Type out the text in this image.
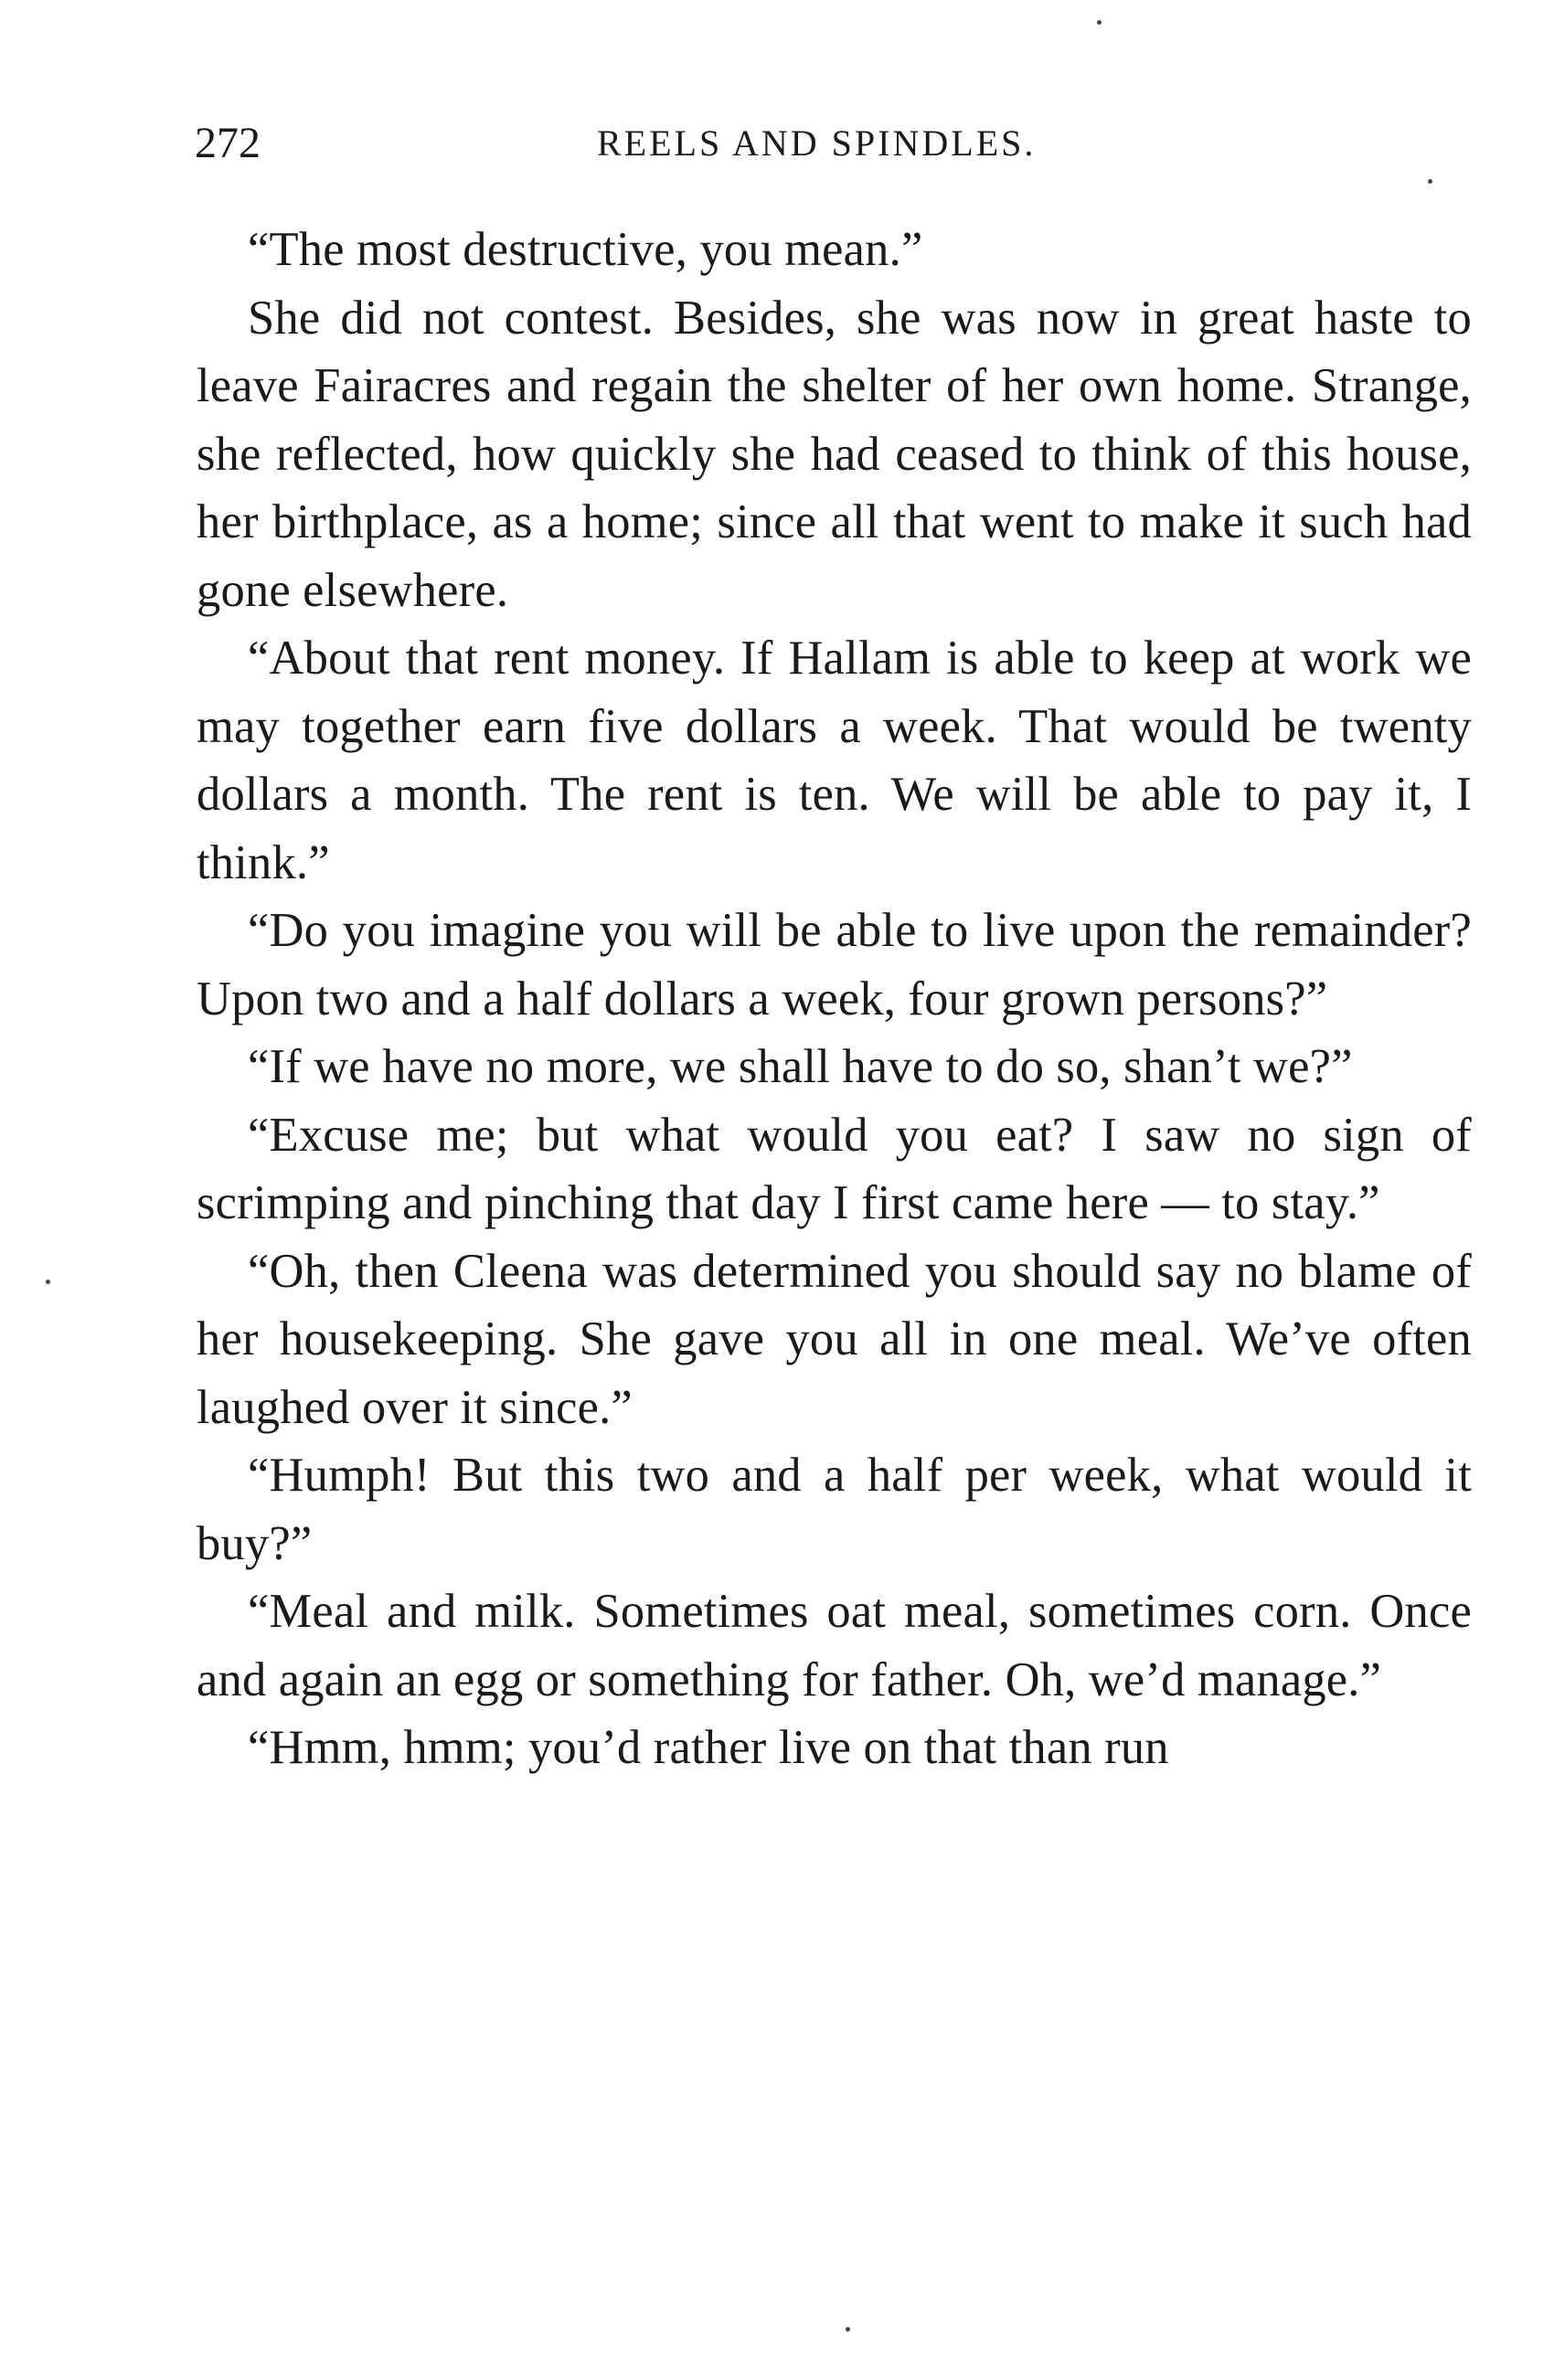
272	REELS AND SPINDLES.

“The most destructive, you mean.”

She did not contest. Besides, she was now in great haste to leave Fairacres and regain the shelter of her own home. Strange, she reflected, how quickly she had ceased to think of this house, her birthplace, as a home; since all that went to make it such had gone elsewhere.

“About that rent money. If Hallam is able to keep at work we may together earn five dollars a week. That would be twenty dollars a month. The rent is ten. We will be able to pay it, I think.”

“Do you imagine you will be able to live upon the remainder? Upon two and a half dollars a week, four grown persons?”

“If we have no more, we shall have to do so, shan’t we?”

“Excuse me; but what would you eat? I saw no sign of scrimping and pinching that day I first came here — to stay.”

“Oh, then Cleena was determined you should say no blame of her housekeeping. She gave you all in one meal. We’ve often laughed over it since.”

“Humph! But this two and a half per week, what would it buy?”

“Meal and milk. Sometimes oat meal, sometimes corn. Once and again an egg or something for father. Oh, we’d manage.”

“Hmm, hmm; you’d rather live on that than run
